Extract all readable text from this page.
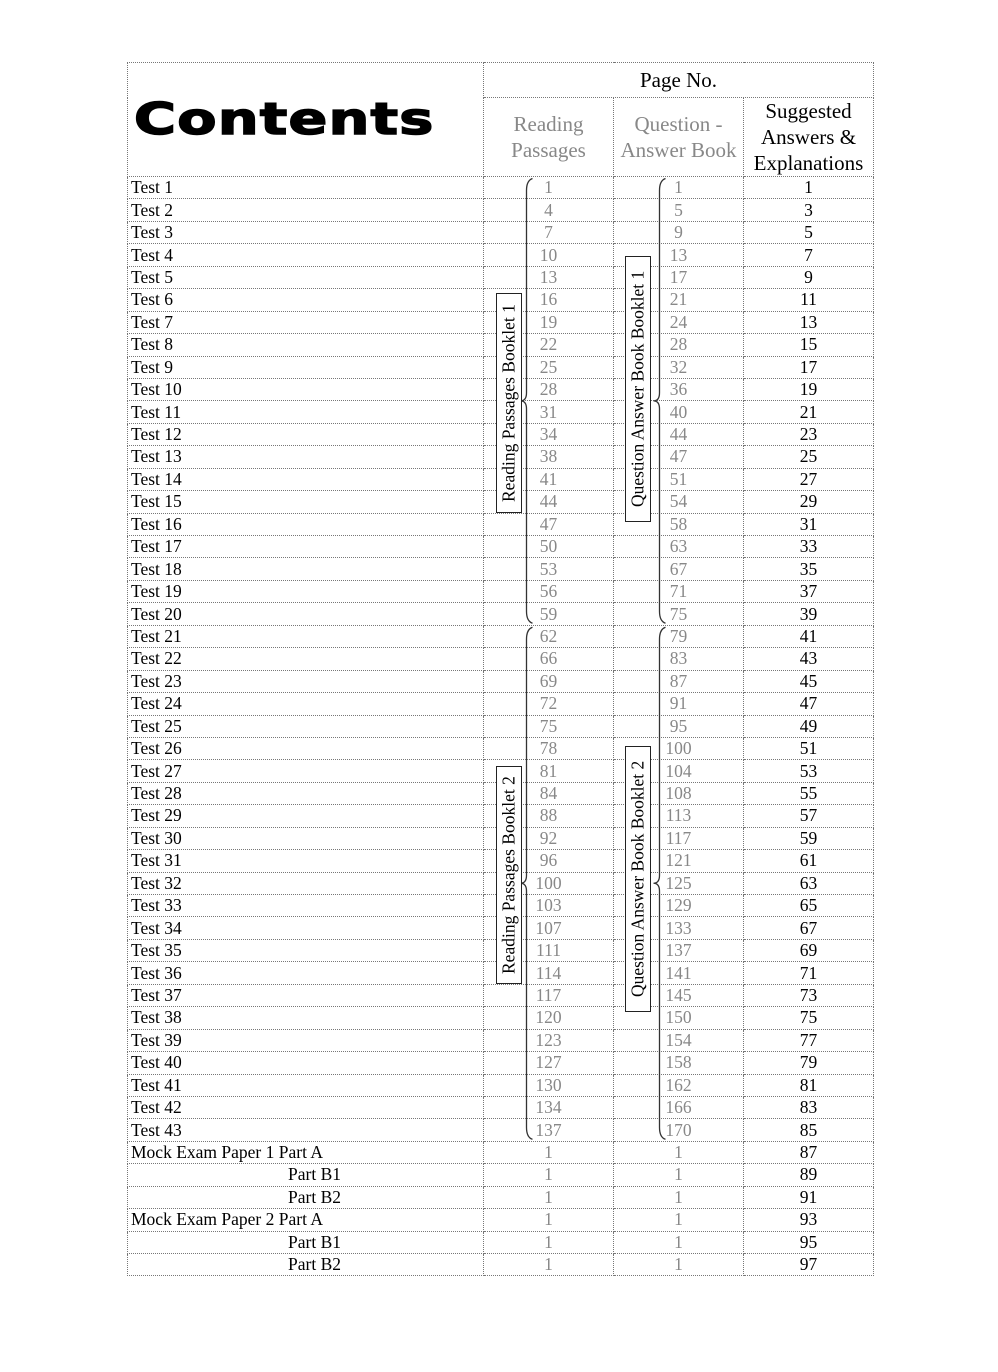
Contents	Page No.		
	Reading Passages	Question -Answer Book	Suggested Answers & Explanations
Test 1	1	1	1
Test 2	4	5	3
Test 3	7	9	5
Test 4	10	13	7
Test 5	13	17	9
Test 6	16	21	11
Test 7	19	24	13
Test 8	22	28	15
Test 9	25	32	17
Test 10	28	36	19
Test 11	31	40	21
Test 12	34	44	23
Test 13	38	47	25
Test 14	41	51	27
Test 15	44	54	29
Test 16	47	58	31
Test 17	50	63	33
Test 18	53	67	35
Test 19	56	71	37
Test 20	59	75	39
Test 21	62	79	41
Test 22	66	83	43
Test 23	69	87	45
Test 24	72	91	47
Test 25	75	95	49
Test 26	78	100	51
Test 27	81	104	53
Test 28	84	108	55
Test 29	88	113	57
Test 30	92	117	59
Test 31	96	121	61
Test 32	100	125	63
Test 33	103	129	65
Test 34	107	133	67
Test 35	111	137	69
Test 36	114	141	71
Test 37	117	145	73
Test 38	120	150	75
Test 39	123	154	77
Test 40	127	158	79
Test 41	130	162	81
Test 42	134	166	83
Test 43	137	170	85
Mock Exam Paper 1 Part A	1	1	87
Part B1	1	1	89
Part B2	1	1	91
Mock Exam Paper 2 Part A	1	1	93
Part B1	1	1	95
Part B2	1	1	97
Reading Passages Booklet 1	Question Answer Book Booklet 1
Reading Passages Booklet 2	Question Answer Book Booklet 2
